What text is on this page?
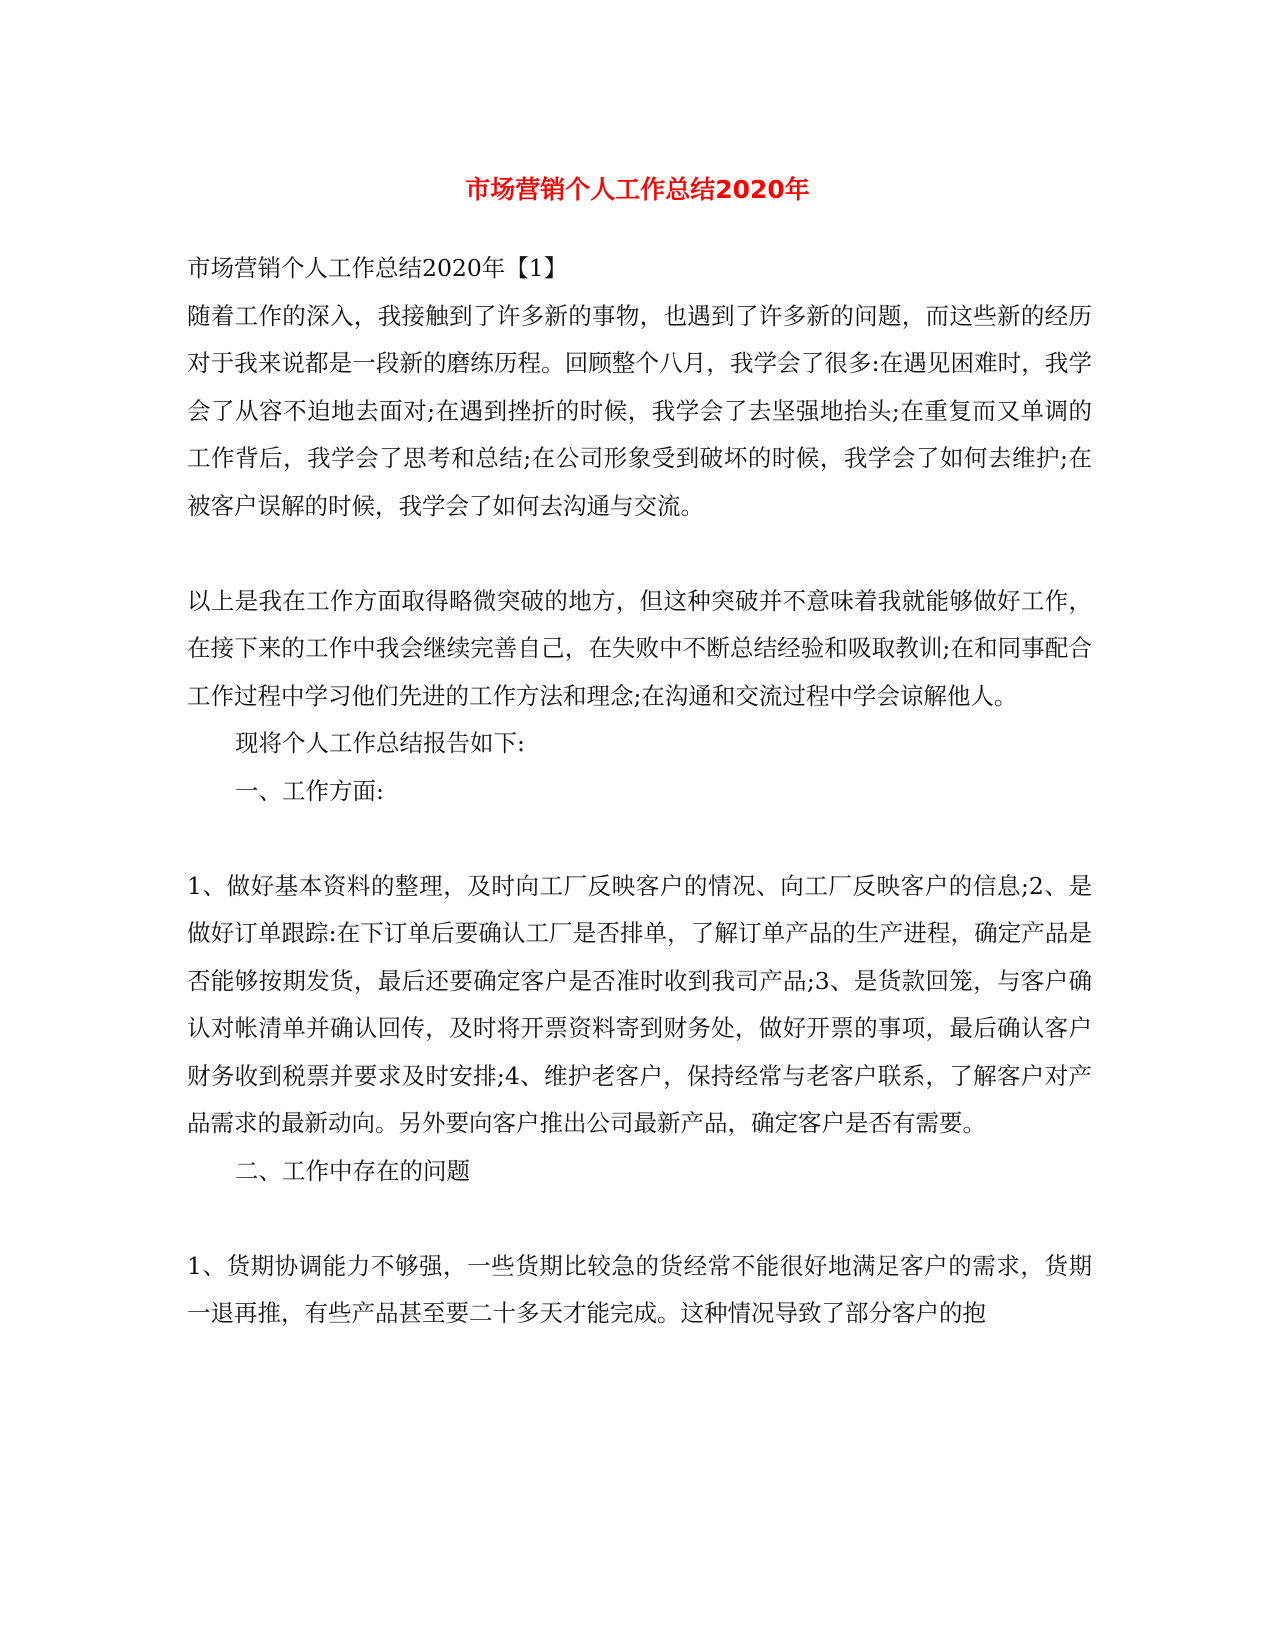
市场营销个人工作总结2020年

市场营销个人工作总结2020年【1】

随着工作的深入，我接触到了许多新的事物，也遇到了许多新的问题，而这些新的经历对于我来说都是一段新的磨练历程。回顾整个八月，我学会了很多:在遇见困难时，我学会了从容不迫地去面对;在遇到挫折的时候，我学会了去坚强地抬头;在重复而又单调的工作背后，我学会了思考和总结;在公司形象受到破坏的时候，我学会了如何去维护;在被客户误解的时候，我学会了如何去沟通与交流。

以上是我在工作方面取得略微突破的地方，但这种突破并不意味着我就能够做好工作，在接下来的工作中我会继续完善自己，在失败中不断总结经验和吸取教训;在和同事配合工作过程中学习他们先进的工作方法和理念;在沟通和交流过程中学会谅解他人。

现将个人工作总结报告如下:

一、工作方面:

1、做好基本资料的整理，及时向工厂反映客户的情况、向工厂反映客户的信息;2、是做好订单跟踪:在下订单后要确认工厂是否排单，了解订单产品的生产进程，确定产品是否能够按期发货，最后还要确定客户是否准时收到我司产品;3、是货款回笼，与客户确认对帐清单并确认回传，及时将开票资料寄到财务处，做好开票的事项，最后确认客户财务收到税票并要求及时安排;4、维护老客户，保持经常与老客户联系，了解客户对产品需求的最新动向。另外要向客户推出公司最新产品，确定客户是否有需要。

二、工作中存在的问题

1、货期协调能力不够强，一些货期比较急的货经常不能很好地满足客户的需求，货期一退再推，有些产品甚至要二十多天才能完成。这种情况导致了部分客户的抱
